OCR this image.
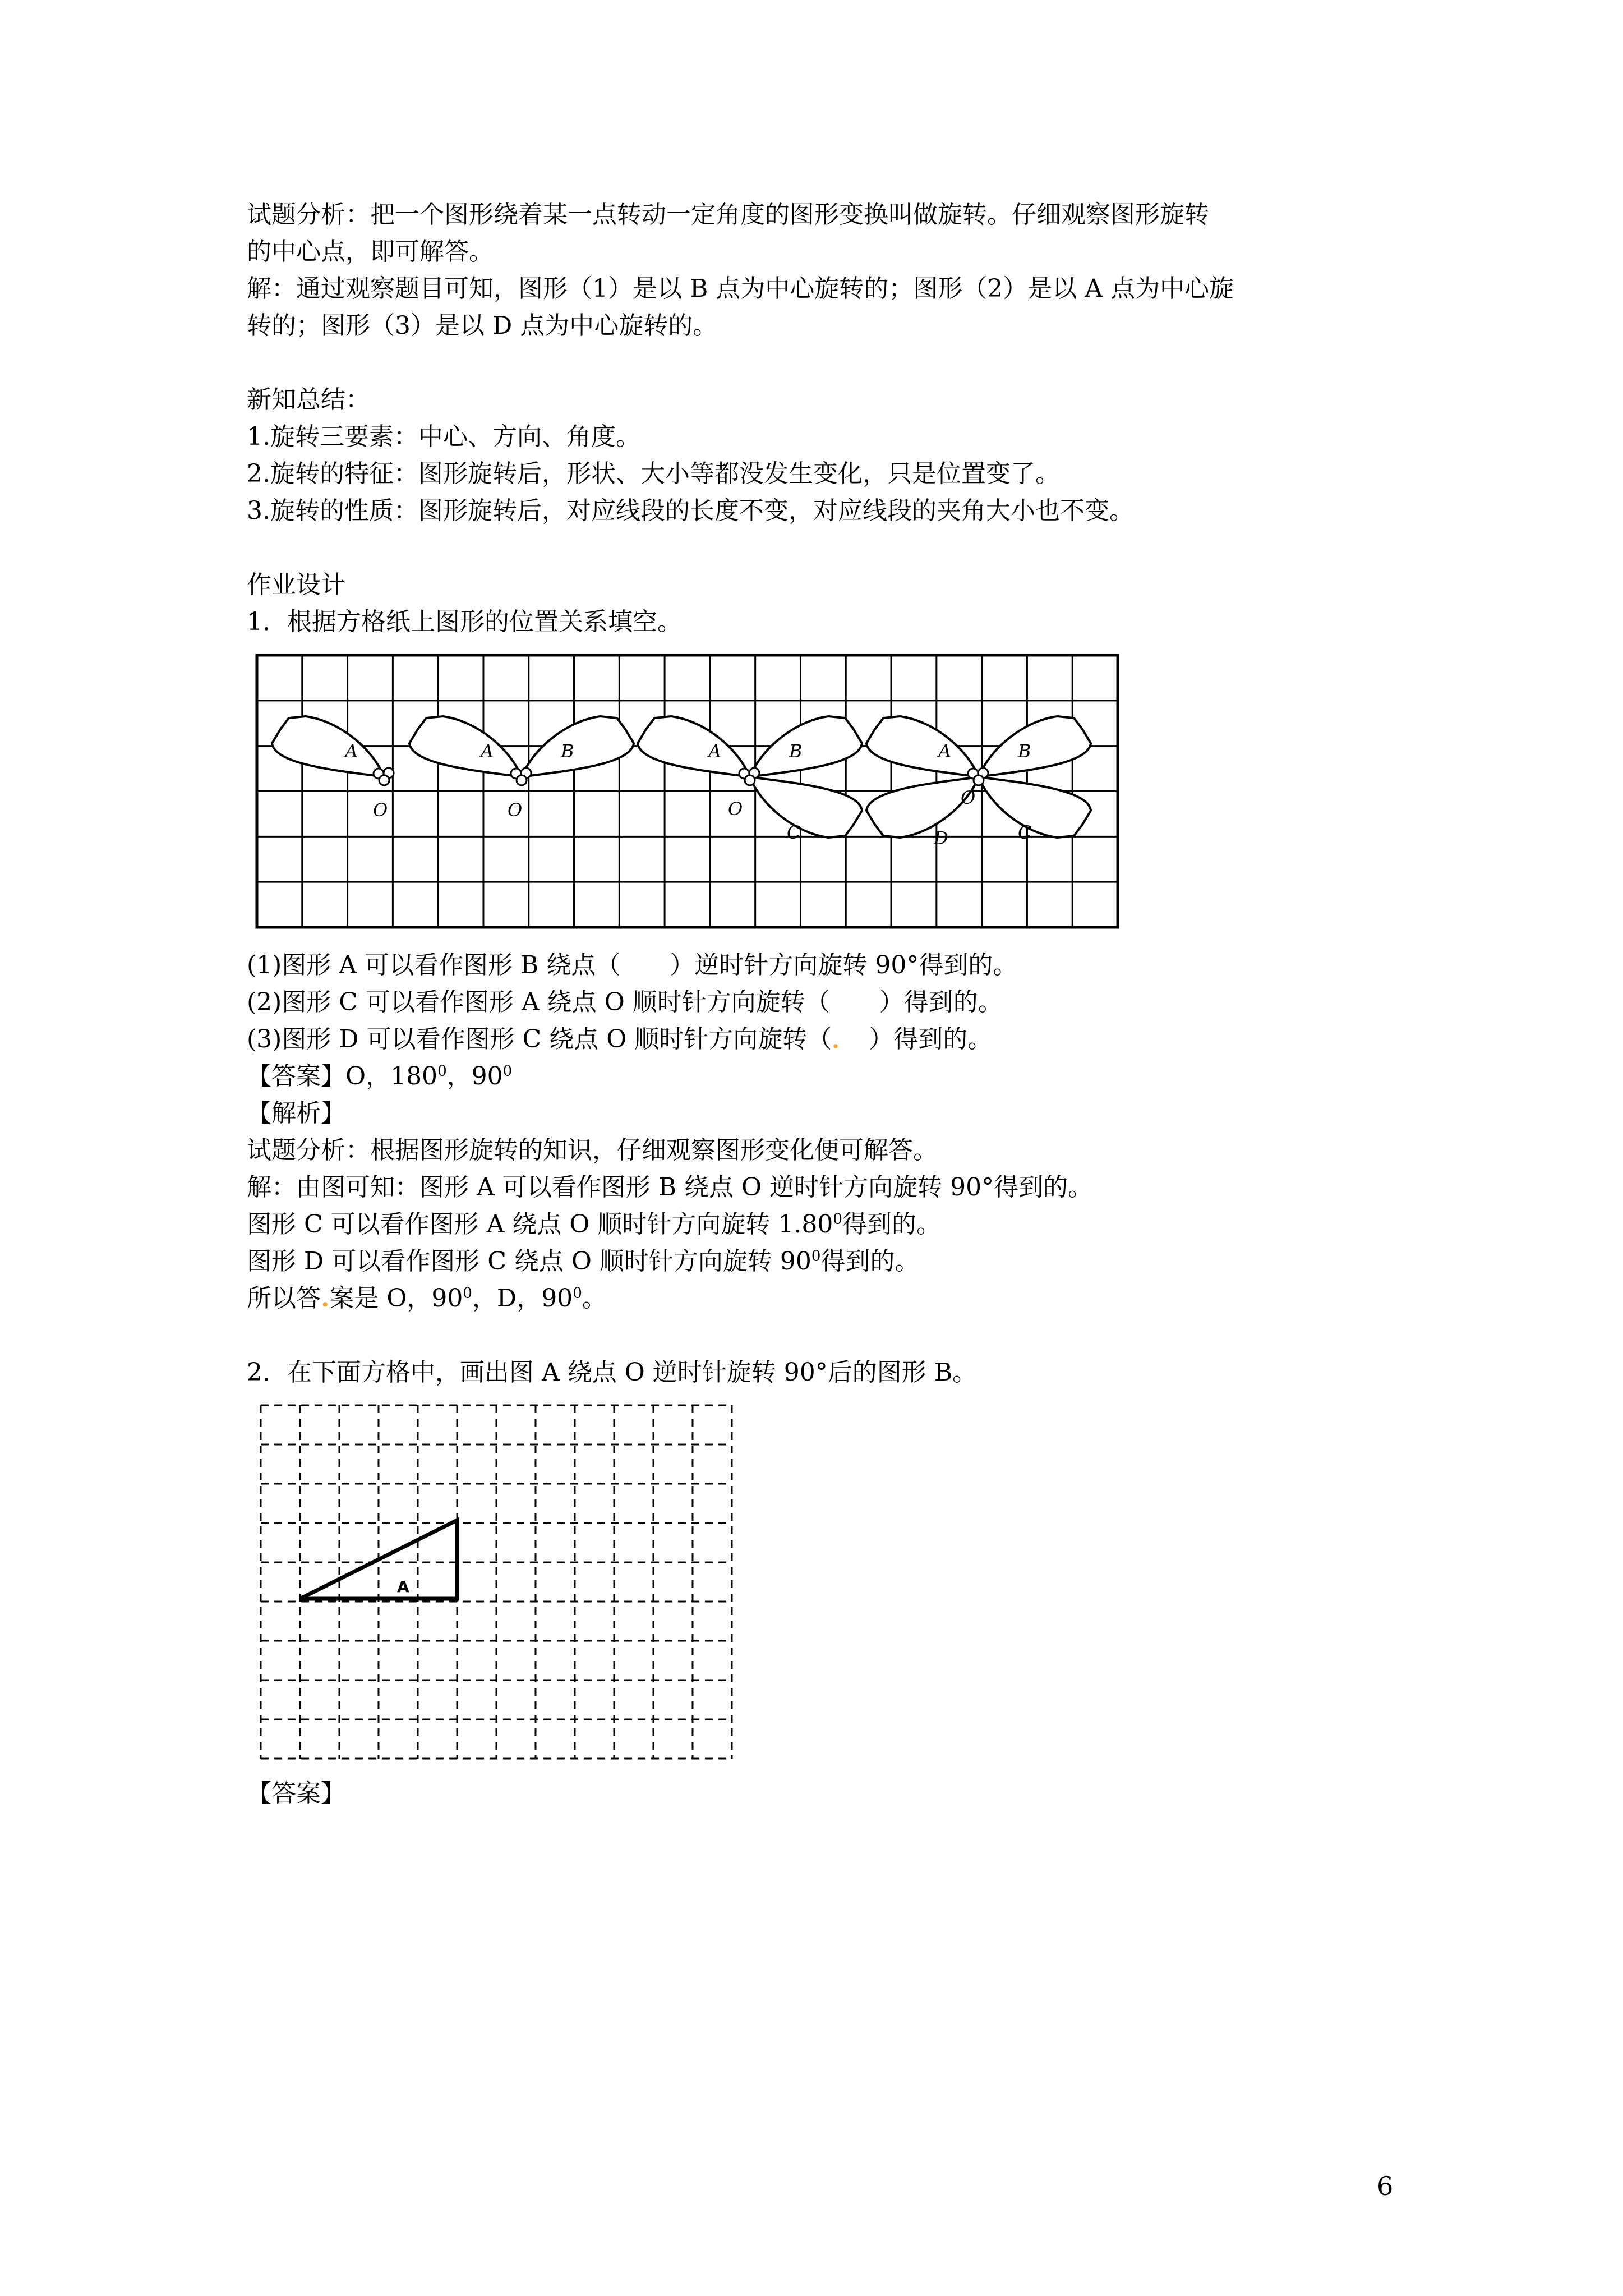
试题分析：把一个图形绕着某一点转动一定角度的图形变换叫做旋转。仔细观察图形旋转
的中心点，即可解答。
解：通过观察题目可知，图形（1）是以 B 点为中心旋转的；图形（2）是以 A 点为中心旋
转的；图形（3）是以 D 点为中心旋转的。
新知总结：
1.旋转三要素：中心、方向、角度。
2.旋转的特征：图形旋转后，形状、大小等都没发生变化，只是位置变了。
3.旋转的性质：图形旋转后，对应线段的长度不变，对应线段的夹角大小也不变。
作业设计
1．根据方格纸上图形的位置关系填空。
A
O
A	B
O
A	B
C
O
A	B
C
D
O
(1)图形 A 可以看作图形 B 绕点（　　）逆时针方向旋转 90°得到的。
(2)图形 C 可以看作图形 A 绕点 O 顺时针方向旋转（　　）得到的。
(3)图形 D 可以看作图形 C 绕点 O 顺时针方向旋转（．　）得到的。
【答案】O，$180^0$，$90^0$
【解析】
试题分析：根据图形旋转的知识，仔细观察图形变化便可解答。
解：由图可知：图形 A 可以看作图形 B 绕点 O 逆时针方向旋转 90°得到的。
图形 C 可以看作图形 A 绕点 O 顺时针方向旋转 1.80$^0$得到的。
图形 D 可以看作图形 C 绕点 O 顺时针方向旋转 $90^0$得到的。
所以答.案是 O，$90^0$，D，$90^0$。
2．在下面方格中，画出图 A 绕点 O 逆时针旋转 90°后的图形 B。
A
【答案】
6
